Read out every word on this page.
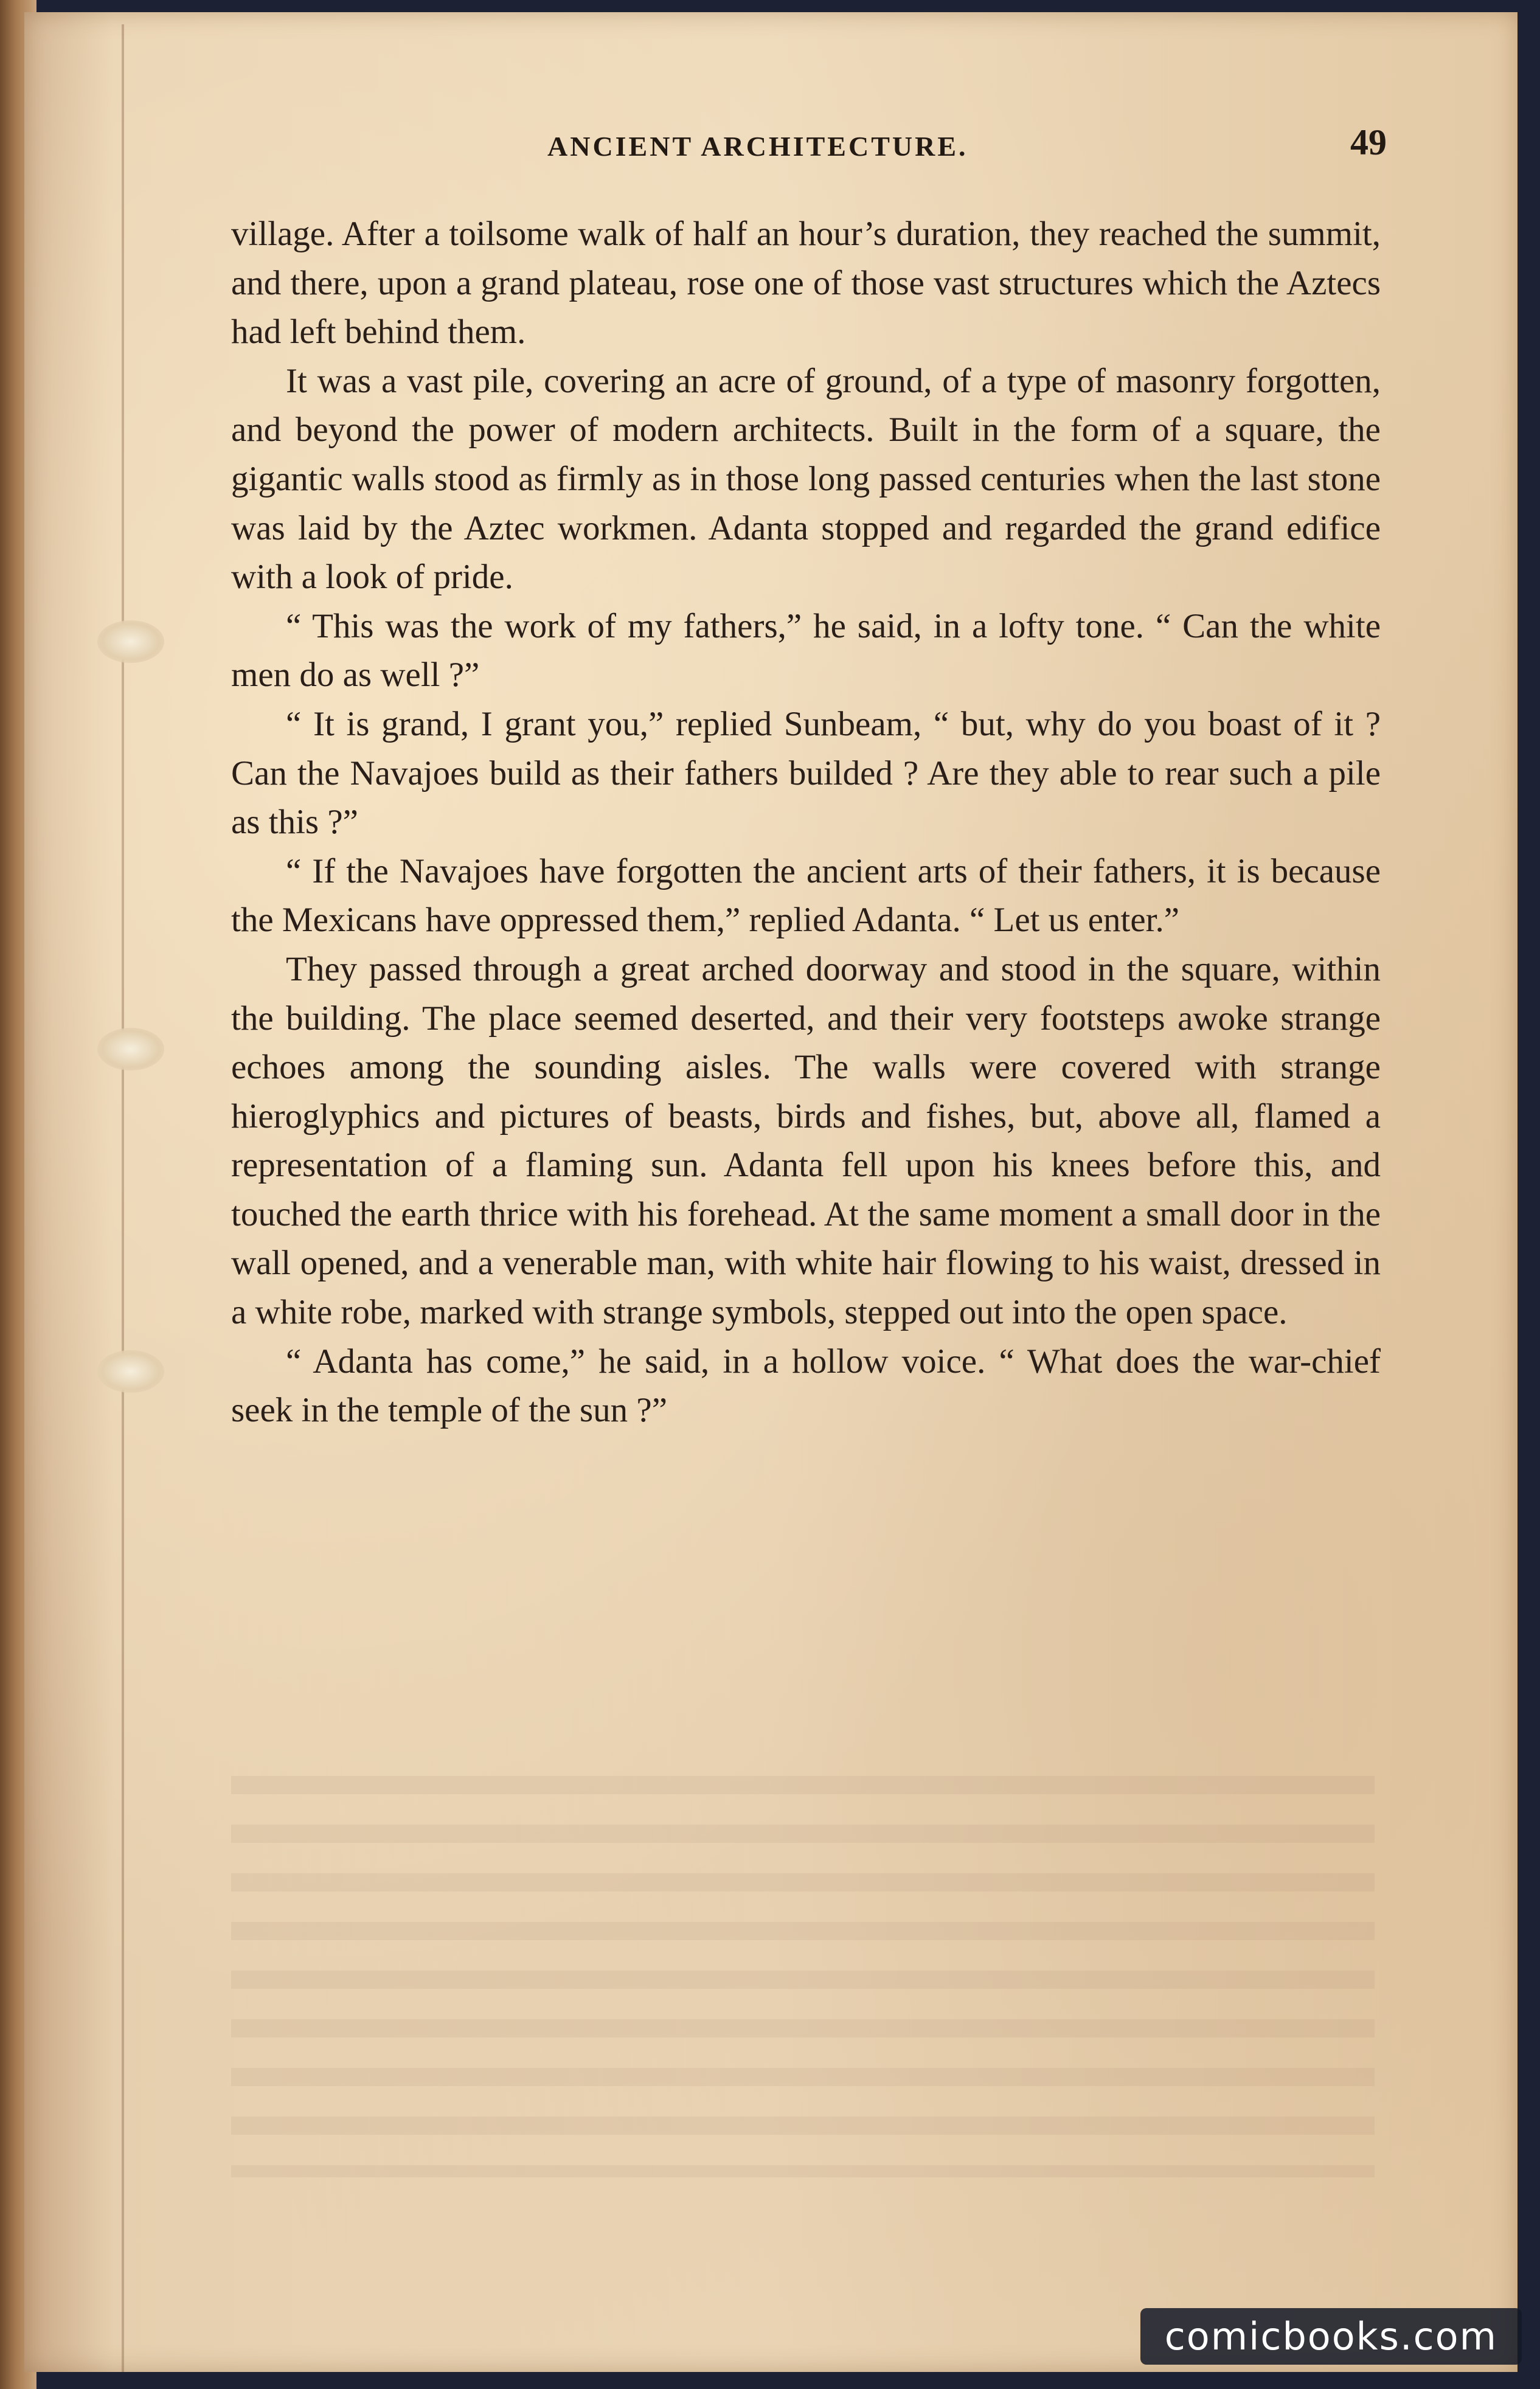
ANCIENT ARCHITECTURE.	49

village. After a toilsome walk of half an hour’s duration, they reached the summit, and there, upon a grand plateau, rose one of those vast structures which the Aztecs had left behind them.

It was a vast pile, covering an acre of ground, of a type of masonry forgotten, and beyond the power of modern architects. Built in the form of a square, the gigantic walls stood as firmly as in those long passed centuries when the last stone was laid by the Aztec workmen. Adanta stopped and regarded the grand edifice with a look of pride.

“ This was the work of my fathers,” he said, in a lofty tone. “ Can the white men do as well ?”

“ It is grand, I grant you,” replied Sunbeam, “ but, why do you boast of it ? Can the Navajoes build as their fathers builded ? Are they able to rear such a pile as this ?”

“ If the Navajoes have forgotten the ancient arts of their fathers, it is because the Mexicans have oppressed them,” replied Adanta. “ Let us enter.”

They passed through a great arched doorway and stood in the square, within the building. The place seemed deserted, and their very footsteps awoke strange echoes among the sounding aisles. The walls were covered with strange hieroglyphics and pictures of beasts, birds and fishes, but, above all, flamed a representation of a flaming sun. Adanta fell upon his knees before this, and touched the earth thrice with his forehead. At the same moment a small door in the wall opened, and a venerable man, with white hair flowing to his waist, dressed in a white robe, marked with strange symbols, stepped out into the open space.

“ Adanta has come,” he said, in a hollow voice. “ What does the war-chief seek in the temple of the sun ?”

comicbooks.com
